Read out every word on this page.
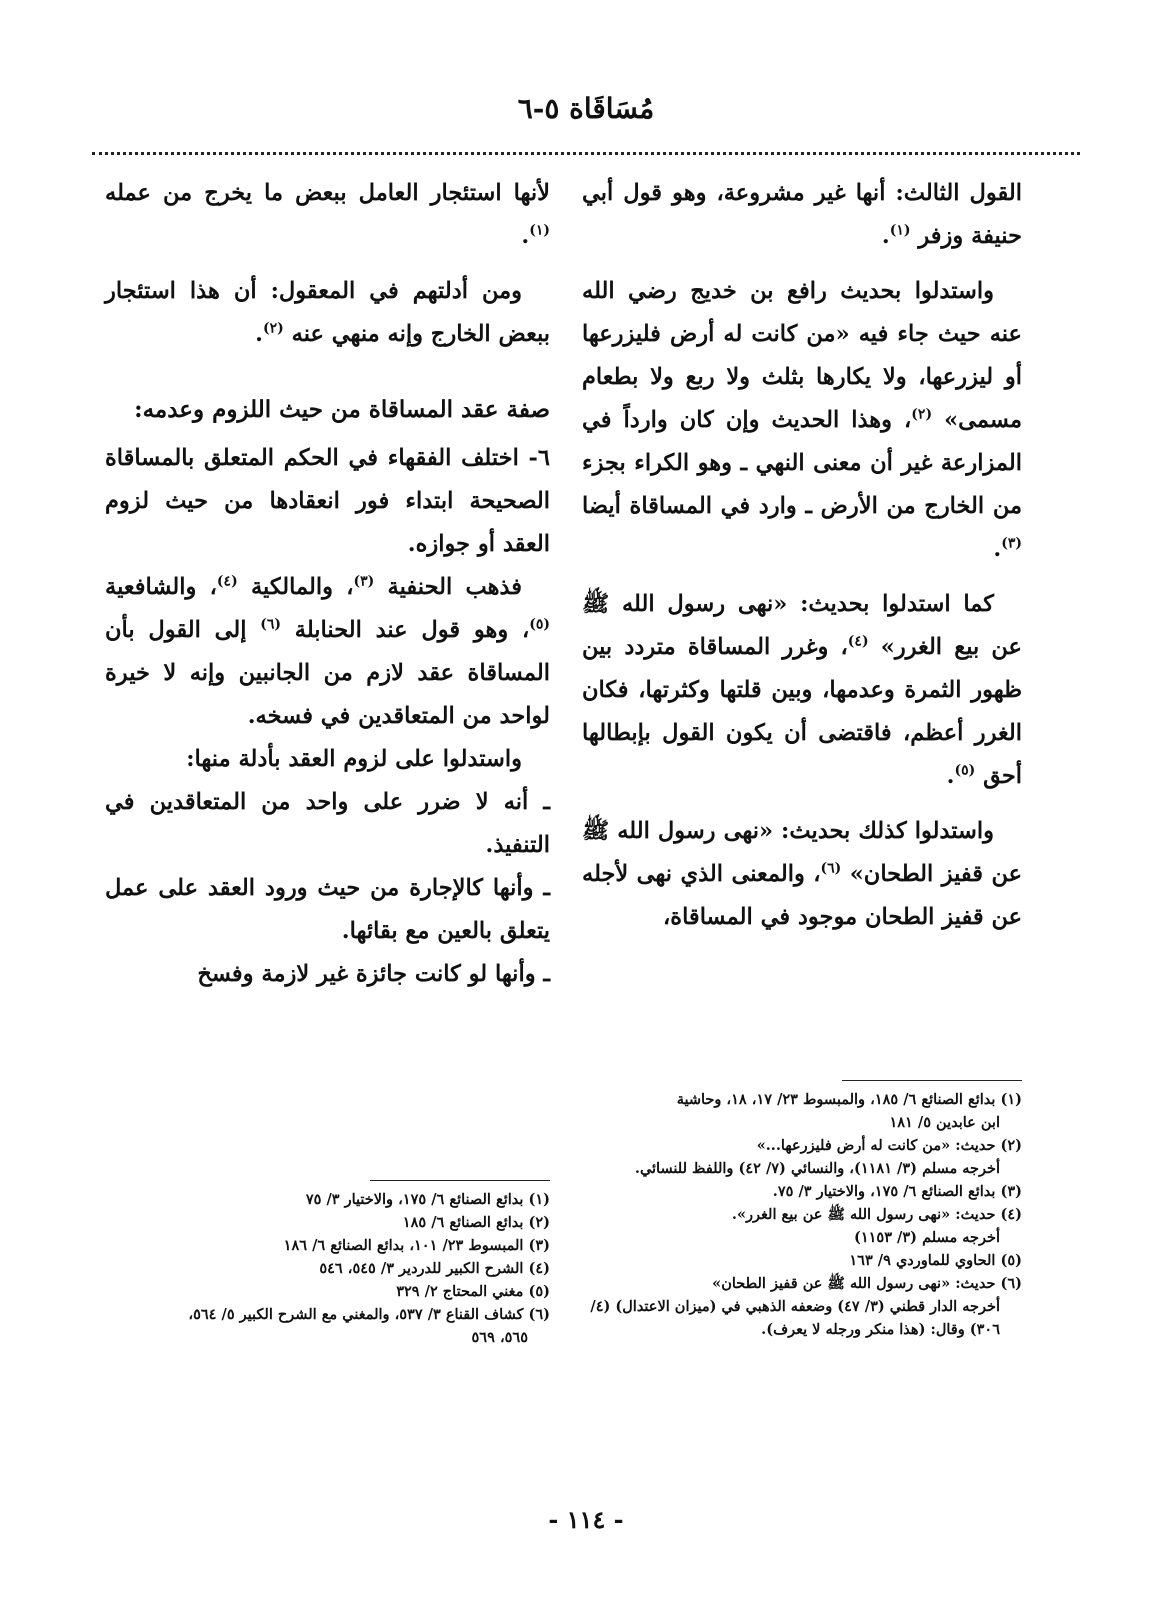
مُسَاقَاة ٥-٦

القول الثالث: أنها غير مشروعة، وهو قول أبي حنيفة وزفر $^{(١)}$.

واستدلوا بحديث رافع بن خديج رضي الله عنه حيث جاء فيه «من كانت له أرض فليزرعها أو ليزرعها، ولا يكارها بثلث ولا ربع ولا بطعام مسمى» $^{(٢)}$، وهذا الحديث وإن كان وارداً في المزارعة غير أن معنى النهي ـ وهو الكراء بجزء من الخارج من الأرض ـ وارد في المساقاة أيضا $^{(٣)}$.

كما استدلوا بحديث: «نهى رسول الله ﷺ عن بيع الغرر» $^{(٤)}$، وغرر المساقاة متردد بين ظهور الثمرة وعدمها، وبين قلتها وكثرتها، فكان الغرر أعظم، فاقتضى أن يكون القول بإبطالها أحق $^{(٥)}$.

واستدلوا كذلك بحديث: «نهى رسول الله ﷺ عن قفيز الطحان» $^{(٦)}$، والمعنى الذي نهى لأجله عن قفيز الطحان موجود في المساقاة،

لأنها استئجار العامل ببعض ما يخرج من عمله $^{(١)}$.

ومن أدلتهم في المعقول: أن هذا استئجار ببعض الخارج وإنه منهي عنه $^{(٢)}$.

صفة عقد المساقاة من حيث اللزوم وعدمه:

٦- اختلف الفقهاء في الحكم المتعلق بالمساقاة الصحيحة ابتداء فور انعقادها من حيث لزوم العقد أو جوازه.

فذهب الحنفية $^{(٣)}$، والمالكية $^{(٤)}$، والشافعية $^{(٥)}$، وهو قول عند الحنابلة $^{(٦)}$ إلى القول بأن المساقاة عقد لازم من الجانبين وإنه لا خيرة لواحد من المتعاقدين في فسخه.

واستدلوا على لزوم العقد بأدلة منها:

ـ أنه لا ضرر على واحد من المتعاقدين في التنفيذ.

ـ وأنها كالإجارة من حيث ورود العقد على عمل يتعلق بالعين مع بقائها.

ـ وأنها لو كانت جائزة غير لازمة وفسخ

(١) بدائع الصنائع ٦/ ١٨٥، والمبسوط ٢٣/ ١٧، ١٨، وحاشية
ابن عابدين ٥/ ١٨١
(٢) حديث: «من كانت له أرض فليزرعها...»
أخرجه مسلم (٣/ ١١٨١)، والنسائي (٧/ ٤٢) واللفظ للنسائي.
(٣) بدائع الصنائع ٦/ ١٧٥، والاختيار ٣/ ٧٥.
(٤) حديث: «نهى رسول الله ﷺ عن بيع الغرر».
أخرجه مسلم (٣/ ١١٥٣)
(٥) الحاوي للماوردي ٩/ ١٦٣
(٦) حديث: «نهى رسول الله ﷺ عن قفيز الطحان»
أخرجه الدار قطني (٣/ ٤٧) وضعفه الذهبي في (ميزان الاعتدال) (٤/ ٣٠٦) وقال: (هذا منكر ورجله لا يعرف).
(١) بدائع الصنائع ٦/ ١٧٥، والاختيار ٣/ ٧٥
(٢) بدائع الصنائع ٦/ ١٨٥
(٣) المبسوط ٢٣/ ١٠١، بدائع الصنائع ٦/ ١٨٦
(٤) الشرح الكبير للدردير ٣/ ٥٤٥، ٥٤٦
(٥) مغني المحتاج ٢/ ٣٢٩
(٦) كشاف القناع ٣/ ٥٣٧، والمغني مع الشرح الكبير ٥/ ٥٦٤،
٥٦٥، ٥٦٩
- ١١٤ -
